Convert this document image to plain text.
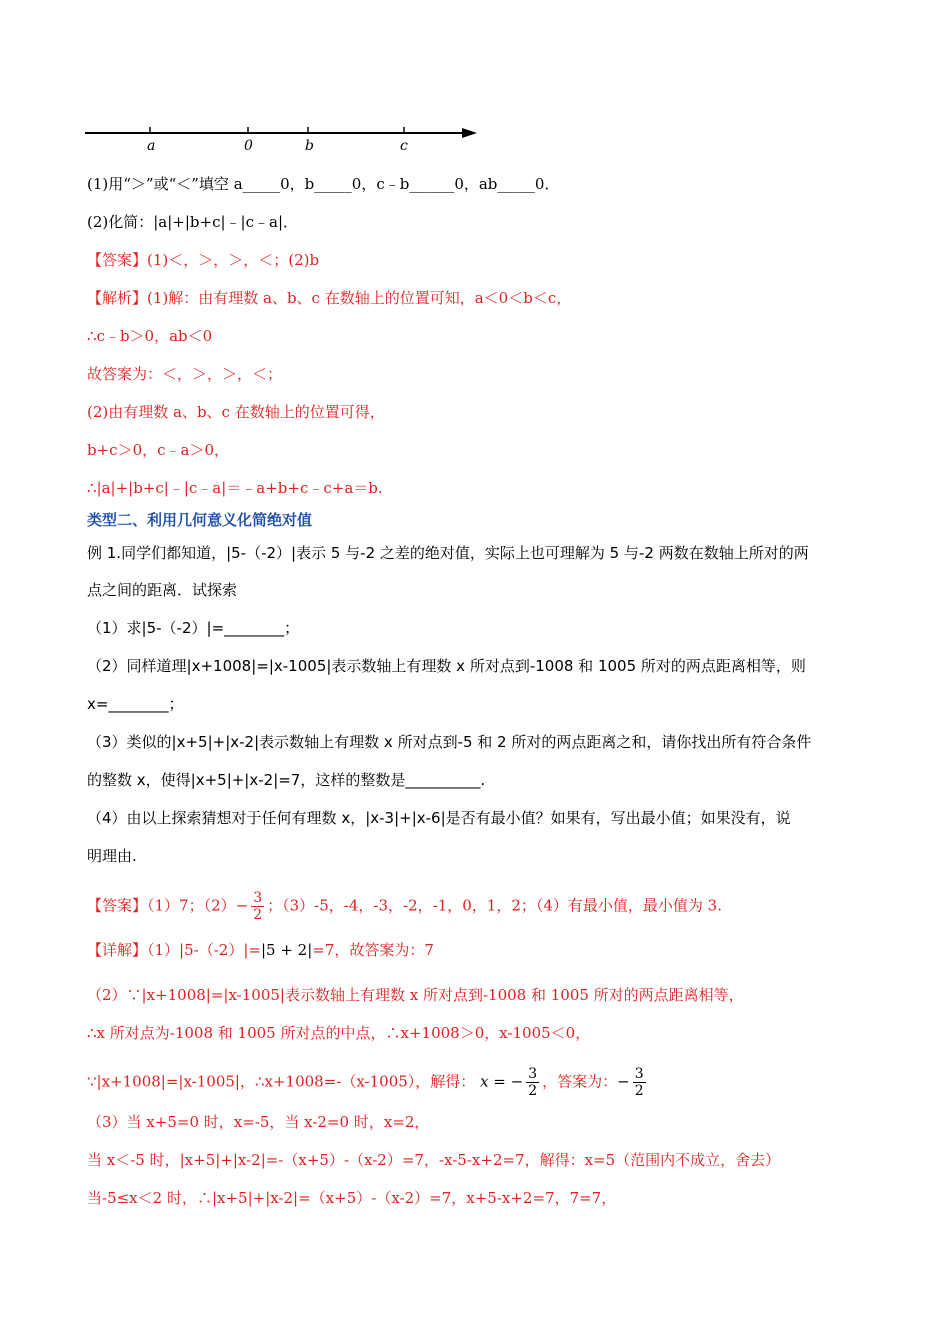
a	0	b	c
(1)用“＞”或“＜”填空 a_____0，b_____0，c﹣b______0，ab_____0．
(2)化简：|a|+|b+c|﹣|c﹣a|．
【答案】(1)＜，＞，＞，＜；(2)b
【解析】(1)解：由有理数 a、b、c 在数轴上的位置可知，a＜0＜b＜c，
∴c﹣b＞0，ab＜0
故答案为：＜，＞，＞，＜；
(2)由有理数 a、b、c 在数轴上的位置可得，
b+c＞0，c﹣a＞0，
∴|a|+|b+c|﹣|c﹣a|＝﹣a+b+c﹣c+a＝b.
类型二、利用几何意义化简绝对值
例 1.同学们都知道，|5-（-2）|表示 5 与-2 之差的绝对值，实际上也可理解为 5 与-2 两数在数轴上所对的两
点之间的距离．试探索
（1）求|5-（-2）|=________；
（2）同样道理|x+1008|=|x-1005|表示数轴上有理数 x 所对点到-1008 和 1005 所对的两点距离相等，则
x=________；
（3）类似的|x+5|+|x-2|表示数轴上有理数 x 所对点到-5 和 2 所对的两点距离之和，请你找出所有符合条件
的整数 x，使得|x+5|+|x-2|=7，这样的整数是__________.
（4）由以上探索猜想对于任何有理数 x，|x-3|+|x-6|是否有最小值？如果有，写出最小值；如果没有，说
明理由.
（2）∵|x+1008|=|x-1005|表示数轴上有理数 x 所对点到-1008 和 1005 所对的两点距离相等，
∴x 所对点为-1008 和 1005 所对点的中点，∴x+1008＞0，x-1005＜0，
（3）当 x+5=0 时，x=-5，当 x-2=0 时，x=2，
当 x＜-5 时，|x+5|+|x-2|=-（x+5）-（x-2）=7，-x-5-x+2=7，解得：x=5（范围内不成立，舍去）
当-5≤x＜2 时，∴|x+5|+|x-2|=（x+5）-（x-2）=7，x+5-x+2=7，7=7，
【答案】（1）7；$(2)- \frac{3}{2}$ ；（3）-5，-4，-3，-2，-1，0，1，2；（4）有最小值，最小值为 3.
【详解】（1）|5-（-2）|=|5 + 2|=7，故答案为：7
∵|x+1008|=|x-1005|，∴x+1008=-（x-1005），解得： x = − $\frac{3}{2}$ ，答案为：− $\frac{3}{2}$
